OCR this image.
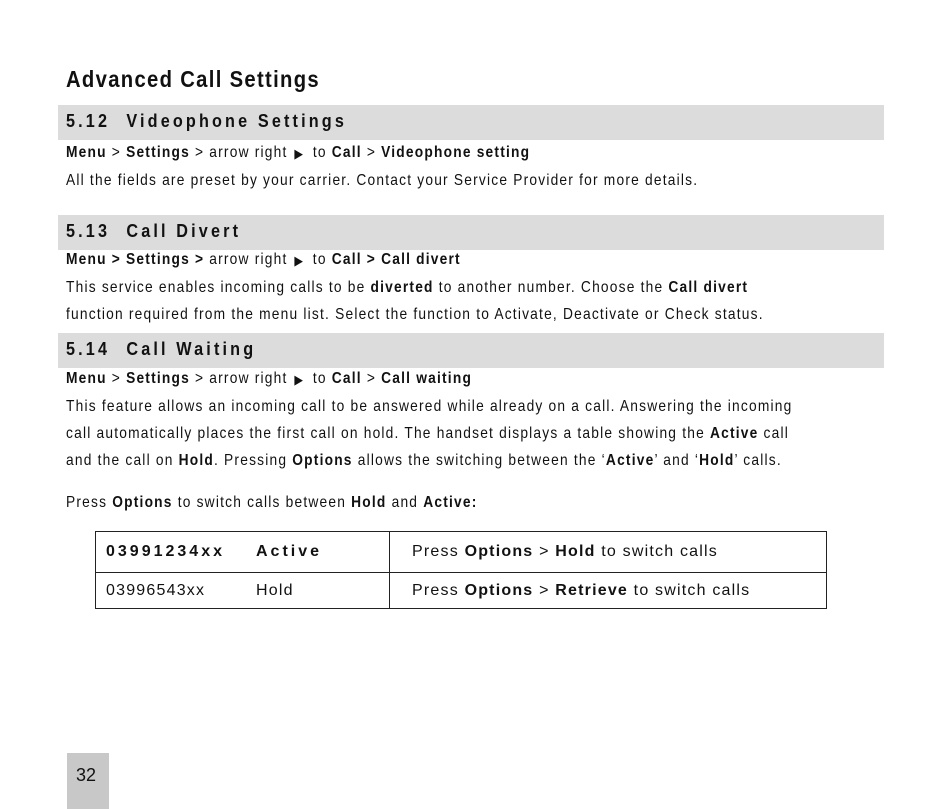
Advanced Call Settings
5.12 Videophone Settings
Menu > Settings > arrow right ▶ to Call > Videophone setting
All the fields are preset by your carrier. Contact your Service Provider for more details.
5.13 Call Divert
Menu > Settings > arrow right ▶ to Call > Call divert
This service enables incoming calls to be diverted to another number. Choose the Call divert
function required from the menu list. Select the function to Activate, Deactivate or Check status.
5.14 Call Waiting
Menu > Settings > arrow right ▶ to Call > Call waiting
This feature allows an incoming call to be answered while already on a call. Answering the incoming
call automatically places the first call on hold. The handset displays a table showing the Active call
and the call on Hold. Pressing Options allows the switching between the ‘Active’ and ‘Hold’ calls.
Press Options to switch calls between Hold and Active:
03991234xx Active	Press Options > Hold to switch calls
03996543xx Hold	Press Options > Retrieve to switch calls
32
